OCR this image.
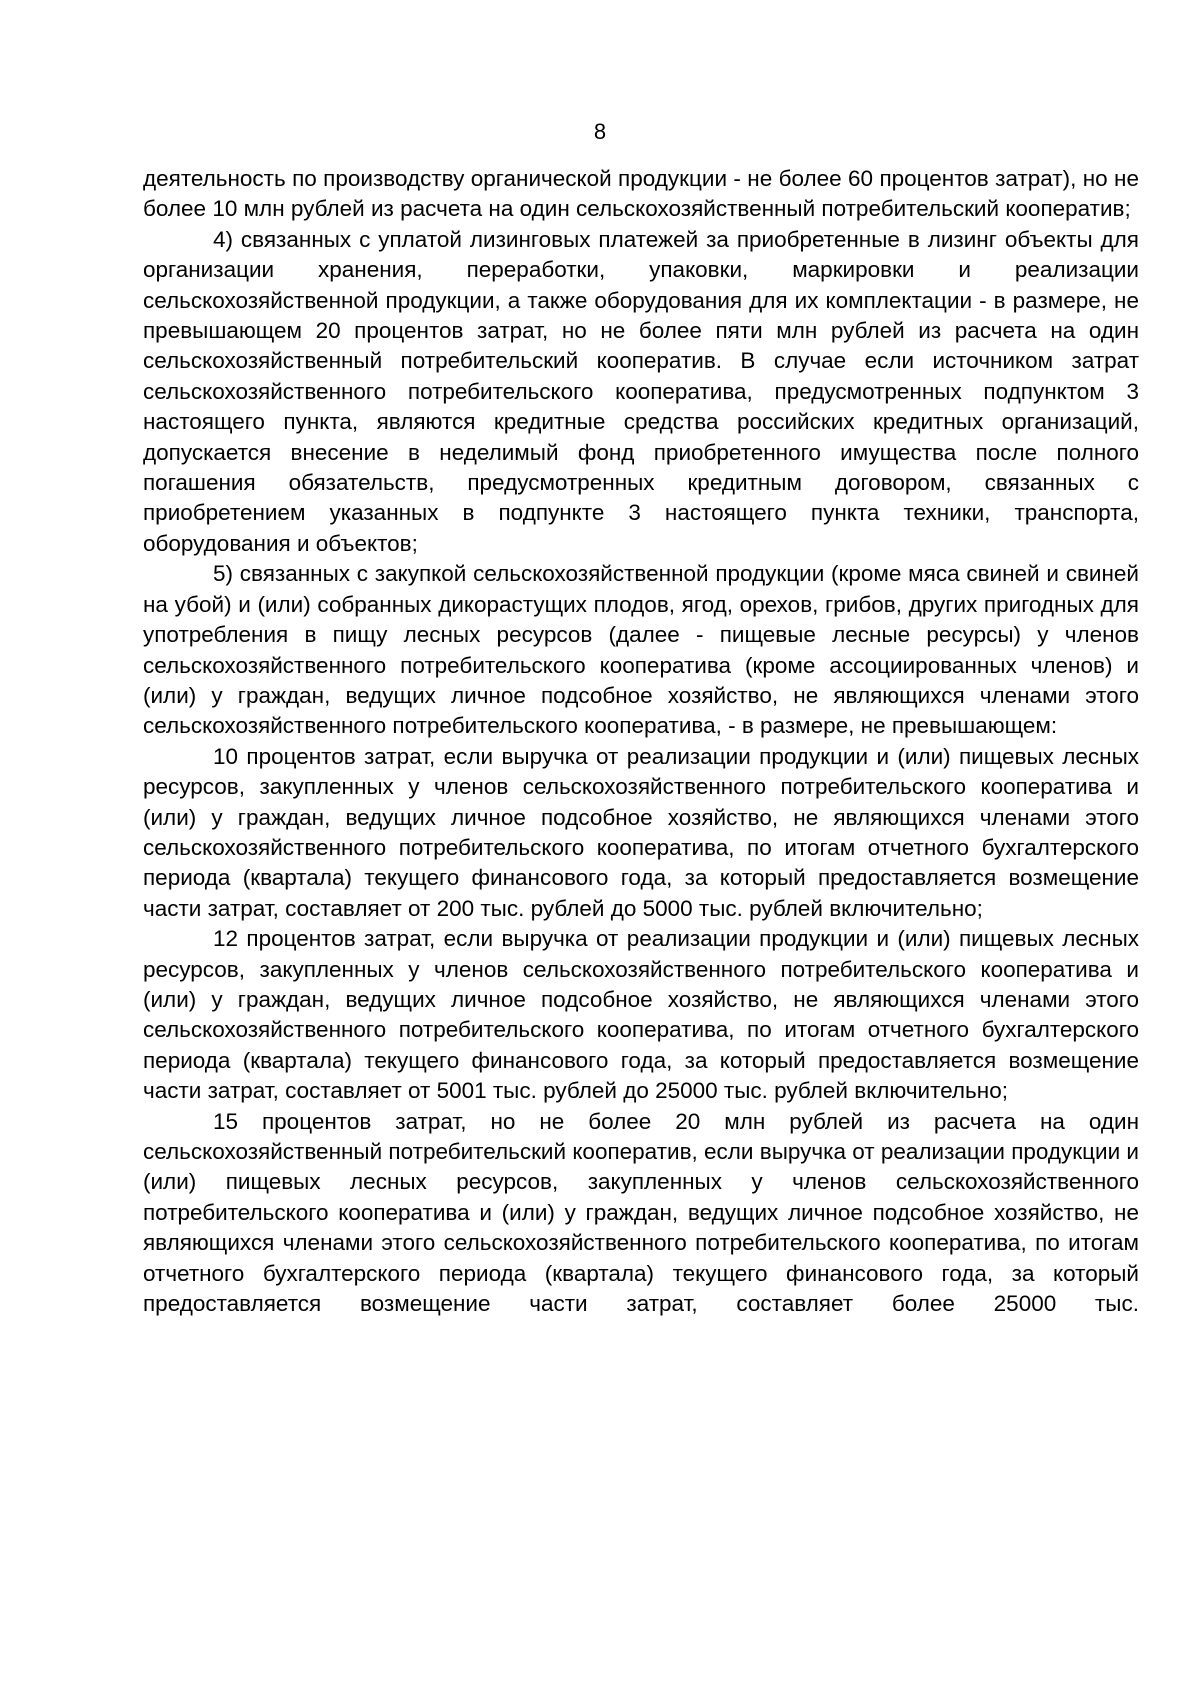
8

деятельность по производству органической продукции - не более 60 процентов затрат), но не более 10 млн рублей из расчета на один сельскохозяйственный потребительский кооператив;

4) связанных с уплатой лизинговых платежей за приобретенные в лизинг объекты для организации хранения, переработки, упаковки, маркировки и реализации сельскохозяйственной продукции, а также оборудования для их комплектации - в размере, не превышающем 20 процентов затрат, но не более пяти млн рублей из расчета на один сельскохозяйственный потребительский кооператив. В случае если источником затрат сельскохозяйственного потребительского кооператива, предусмотренных подпунктом 3 настоящего пункта, являются кредитные средства российских кредитных организаций, допускается внесение в неделимый фонд приобретенного имущества после полного погашения обязательств, предусмотренных кредитным договором, связанных с приобретением указанных в подпункте 3 настоящего пункта техники, транспорта, оборудования и объектов;

5) связанных с закупкой сельскохозяйственной продукции (кроме мяса свиней и свиней на убой) и (или) собранных дикорастущих плодов, ягод, орехов, грибов, других пригодных для употребления в пищу лесных ресурсов (далее - пищевые лесные ресурсы) у членов сельскохозяйственного потребительского кооператива (кроме ассоциированных членов) и (или) у граждан, ведущих личное подсобное хозяйство, не являющихся членами этого сельскохозяйственного потребительского кооператива, - в размере, не превышающем:

10 процентов затрат, если выручка от реализации продукции и (или) пищевых лесных ресурсов, закупленных у членов сельскохозяйственного потребительского кооператива и (или) у граждан, ведущих личное подсобное хозяйство, не являющихся членами этого сельскохозяйственного потребительского кооператива, по итогам отчетного бухгалтерского периода (квартала) текущего финансового года, за который предоставляется возмещение части затрат, составляет от 200 тыс. рублей до 5000 тыс. рублей включительно;

12 процентов затрат, если выручка от реализации продукции и (или) пищевых лесных ресурсов, закупленных у членов сельскохозяйственного потребительского кооператива и (или) у граждан, ведущих личное подсобное хозяйство, не являющихся членами этого сельскохозяйственного потребительского кооператива, по итогам отчетного бухгалтерского периода (квартала) текущего финансового года, за который предоставляется возмещение части затрат, составляет от 5001 тыс. рублей до 25000 тыс. рублей включительно;

15 процентов затрат, но не более 20 млн рублей из расчета на один сельскохозяйственный потребительский кооператив, если выручка от реализации продукции и (или) пищевых лесных ресурсов, закупленных у членов сельскохозяйственного потребительского кооператива и (или) у граждан, ведущих личное подсобное хозяйство, не являющихся членами этого сельскохозяйственного потребительского кооператива, по итогам отчетного бухгалтерского периода (квартала) текущего финансового года, за который предоставляется возмещение части затрат, составляет более 25000 тыс.
